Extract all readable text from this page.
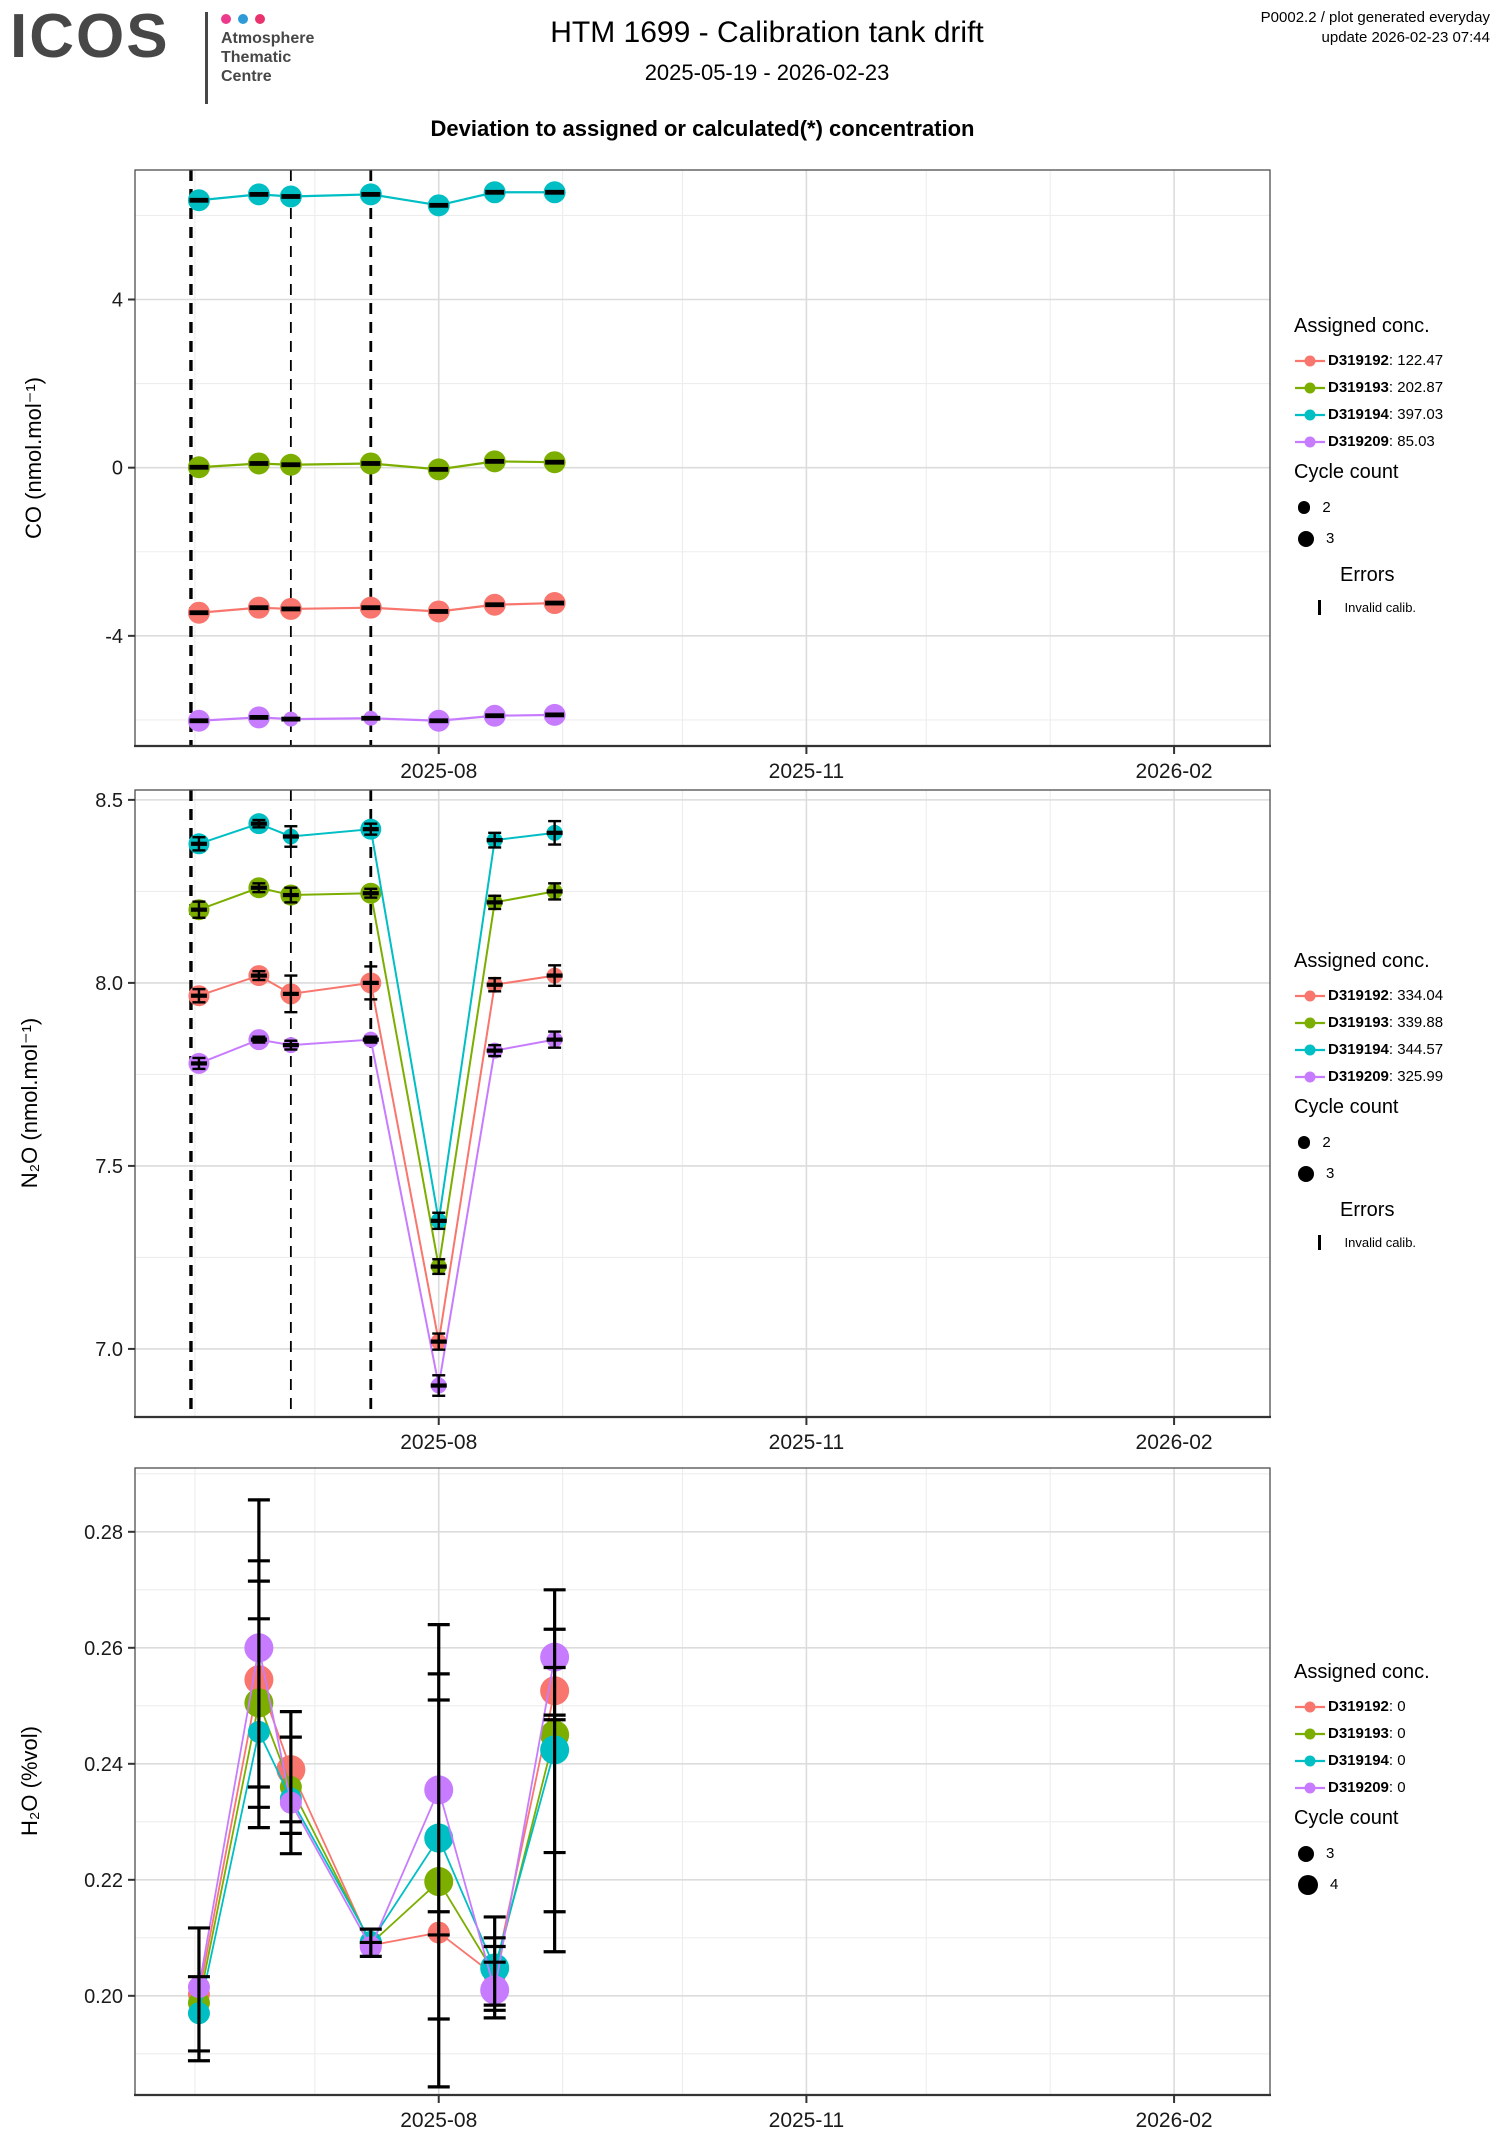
4
0
-4
2025-08	2025-11	2026-02
8.5
8.0
7.5
7.0
2025-08	2025-11	2026-02
0.28
0.26
0.24
0.22
0.20
2025-08	2025-11	2026-02
ICOS	Atmosphere
Thematic
Centre
HTM 1699 - Calibration tank drift
2025-05-19 - 2026-02-23
P0002.2 / plot generated everyday
update 2026-02-23 07:44
Deviation to assigned or calculated(*) concentration
CO (nmol.mol⁻¹)
N₂O (nmol.mol⁻¹)
H₂O (%vol)
Assigned conc.
D319192: 122.47
D319193: 202.87
D319194: 397.03
D319209: 85.03
Cycle count
2
3
Errors
Invalid calib.
Assigned conc.
D319192: 334.04
D319193: 339.88
D319194: 344.57
D319209: 325.99
Cycle count
2
3
Errors
Invalid calib.
Assigned conc.
D319192: 0
D319193: 0
D319194: 0
D319209: 0
Cycle count
3
4
